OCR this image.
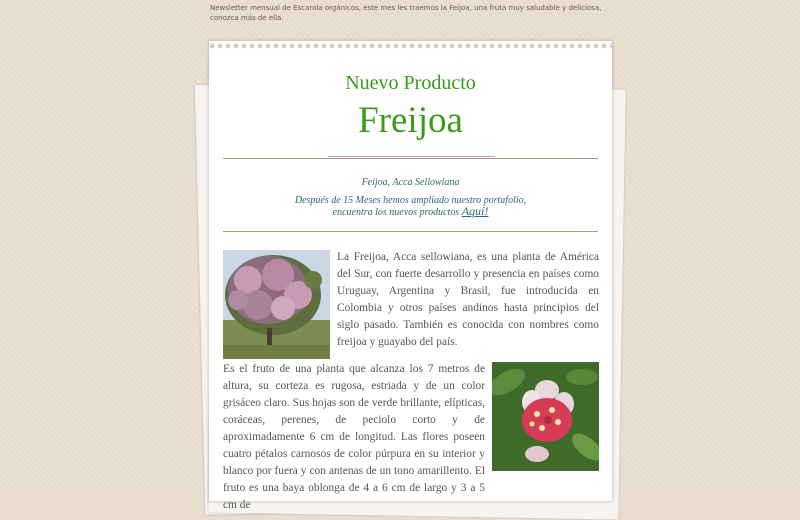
Newsletter mensual de Escarola orgánicos, este mes les traemos la Feijoa, una fruta muy saludable y deliciosa, conozca más de ella.
Nuevo Producto
Freijoa
Feijoa, Acca Sellowiana
Después de 15 Meses hemos ampliado nuestro portafolio,
encuentra los nuevos productos Aquí!
La Freijoa, Acca sellowiana, es una planta de América del Sur, con fuerte desarrollo y presencia en países como Uruguay, Argentina y Brasil, fue introducida en Colombia y otros países andinos hasta principios del siglo pasado. También es conocida con nombres como freijoa y guayabo del país.
Es el fruto de una planta que alcanza los 7 metros de altura, su corteza es rugosa, estriada y de un color grisáceo claro. Sus hojas son de verde brillante, elípticas, coráceas, perenes, de peciolo corto y de aproximadamente 6 cm de longitud. Las flores poseen cuatro pétalos carnosos de color púrpura en su interior y blanco por fuera y con antenas de un tono amarillento. El fruto es una baya oblonga de 4 a 6 cm de largo y 3 a 5 cm de
